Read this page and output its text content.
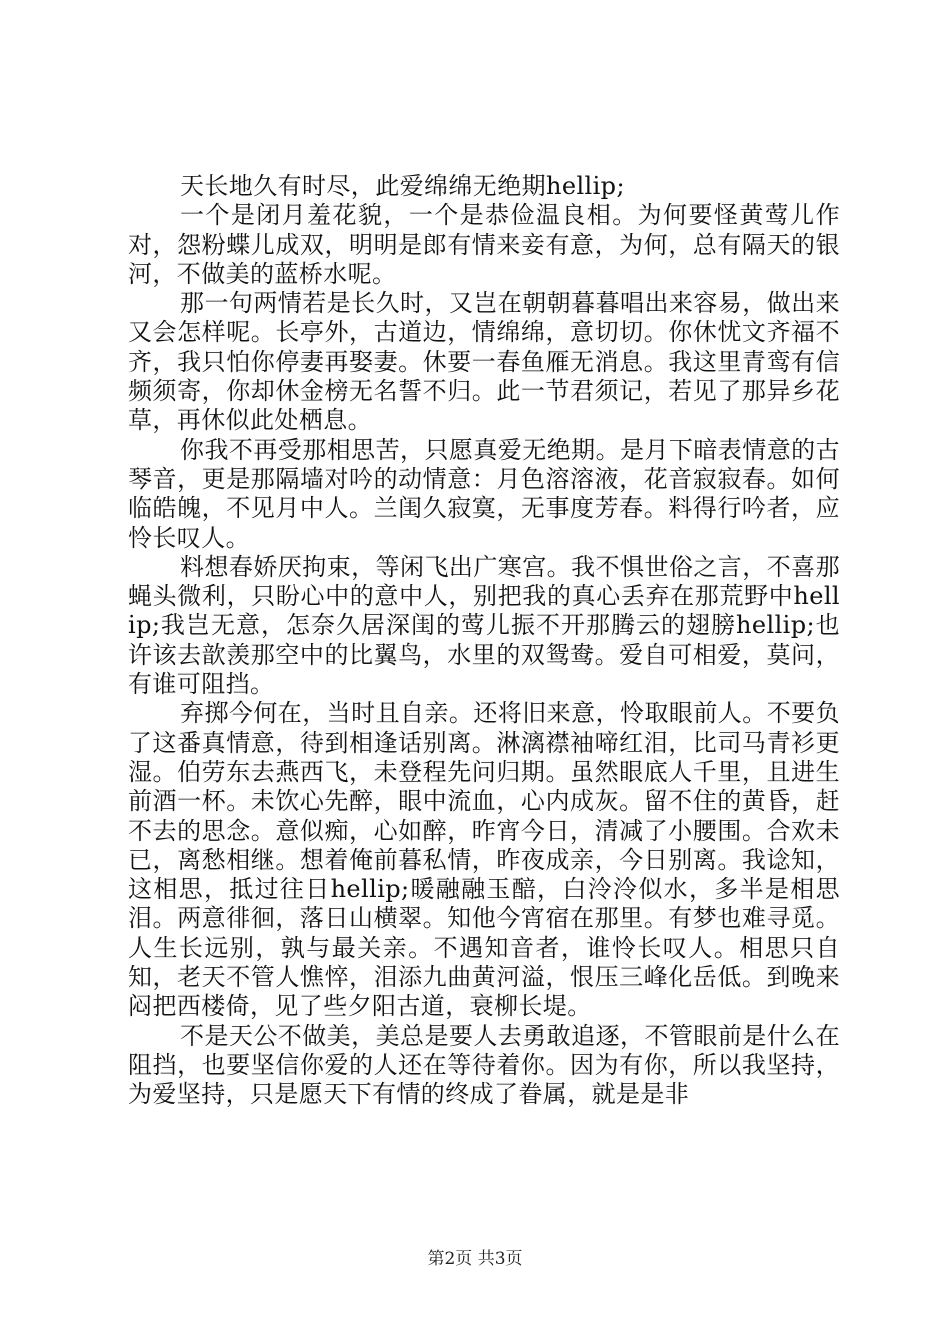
天长地久有时尽，此爱绵绵无绝期hellip;

一个是闭月羞花貌，一个是恭俭温良相。为何要怪黄莺儿作对，怨粉蝶儿成双，明明是郎有情来妾有意，为何，总有隔天的银河，不做美的蓝桥水呢。

那一句两情若是长久时，又岂在朝朝暮暮唱出来容易，做出来又会怎样呢。长亭外，古道边，情绵绵，意切切。你休忧文齐福不齐，我只怕你停妻再娶妻。休要一春鱼雁无消息。我这里青鸾有信频须寄，你却休金榜无名誓不归。此一节君须记，若见了那异乡花草，再休似此处栖息。

你我不再受那相思苦，只愿真爱无绝期。是月下暗表情意的古琴音，更是那隔墙对吟的动情意：月色溶溶液，花音寂寂春。如何临皓魄，不见月中人。兰闺久寂寞，无事度芳春。料得行吟者，应怜长叹人。

料想春娇厌拘束，等闲飞出广寒宫。我不惧世俗之言，不喜那蝇头微利，只盼心中的意中人，别把我的真心丢弃在那荒野中hellip;我岂无意，怎奈久居深闺的莺儿振不开那腾云的翅膀hellip;也许该去歆羡那空中的比翼鸟，水里的双鸳鸯。爱自可相爱，莫问，有谁可阻挡。

弃掷今何在，当时且自亲。还将旧来意，怜取眼前人。不要负了这番真情意，待到相逢话别离。淋漓襟袖啼红泪，比司马青衫更湿。伯劳东去燕西飞，未登程先问归期。虽然眼底人千里，且进生前酒一杯。未饮心先醉，眼中流血，心内成灰。留不住的黄昏，赶不去的思念。意似痴，心如醉，昨宵今日，清减了小腰围。合欢未已，离愁相继。想着俺前暮私情，昨夜成亲，今日别离。我谂知，这相思，抵过往日hellip;暖融融玉醅，白泠泠似水，多半是相思泪。两意徘徊，落日山横翠。知他今宵宿在那里。有梦也难寻觅。人生长远别，孰与最关亲。不遇知音者，谁怜长叹人。相思只自知，老天不管人憔悴，泪添九曲黄河溢，恨压三峰化岳低。到晚来闷把西楼倚，见了些夕阳古道，衰柳长堤。

不是天公不做美，美总是要人去勇敢追逐，不管眼前是什么在阻挡，也要坚信你爱的人还在等待着你。因为有你，所以我坚持，为爱坚持，只是愿天下有情的终成了眷属，就是是非

第2页 共3页
